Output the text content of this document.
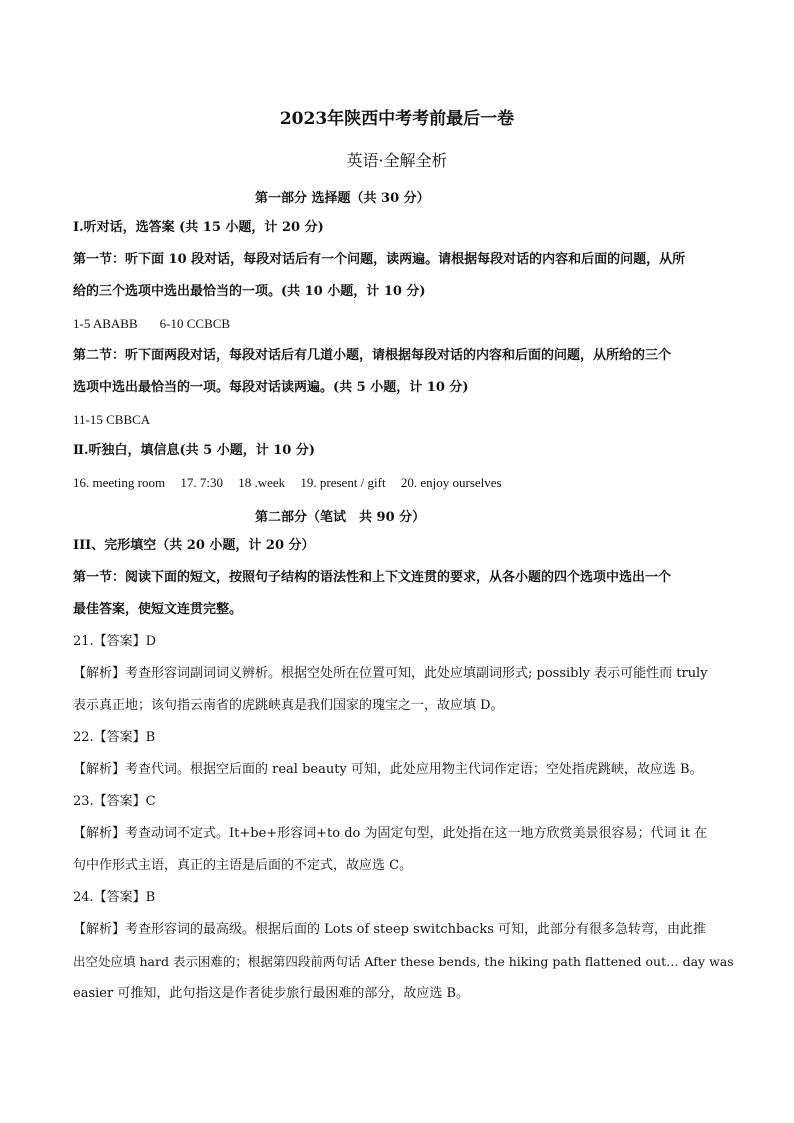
2023年陕西中考考前最后一卷
英语·全解全析
第一部分 选择题（共 30 分）
Ⅰ.听对话，选答案 (共 15 小题，计 20 分)
第一节：听下面 10 段对话，每段对话后有一个问题，读两遍。请根据每段对话的内容和后面的问题，从所
给的三个选项中选出最恰当的一项。(共 10 小题，计 10 分)
1-5 ABABB 6-10 CCBCB
第二节：听下面两段对话，每段对话后有几道小题，请根据每段对话的内容和后面的问题，从所给的三个
选项中选出最恰当的一项。每段对话读两遍。(共 5 小题，计 10 分)
11-15 CBBCA
Ⅱ.听独白，填信息(共 5 小题，计 10 分)
16. meeting room 17. 7:30 18 .week 19. present / gift 20. enjoy ourselves
第二部分（笔试　共 90 分）
III、完形填空（共 20 小题，计 20 分）
第一节：阅读下面的短文，按照句子结构的语法性和上下文连贯的要求，从各小题的四个选项中选出一个
最佳答案，使短文连贯完整。
21.【答案】D
【解析】考查形容词副词词义辨析。根据空处所在位置可知，此处应填副词形式; possibly 表示可能性而 truly
表示真正地；该句指云南省的虎跳峡真是我们国家的瑰宝之一，故应填 D。
22.【答案】B
【解析】考查代词。根据空后面的 real beauty 可知，此处应用物主代词作定语；空处指虎跳峡，故应选 B。
23.【答案】C
【解析】考查动词不定式。It+be+形容词+to do 为固定句型，此处指在这一地方欣赏美景很容易；代词 it 在
句中作形式主语，真正的主语是后面的不定式，故应选 C。
24.【答案】B
【解析】考查形容词的最高级。根据后面的 Lots of steep switchbacks 可知，此部分有很多急转弯，由此推
出空处应填 hard 表示困难的；根据第四段前两句话 After these bends, the hiking path flattened out… day was
easier 可推知，此句指这是作者徒步旅行最困难的部分，故应选 B。
